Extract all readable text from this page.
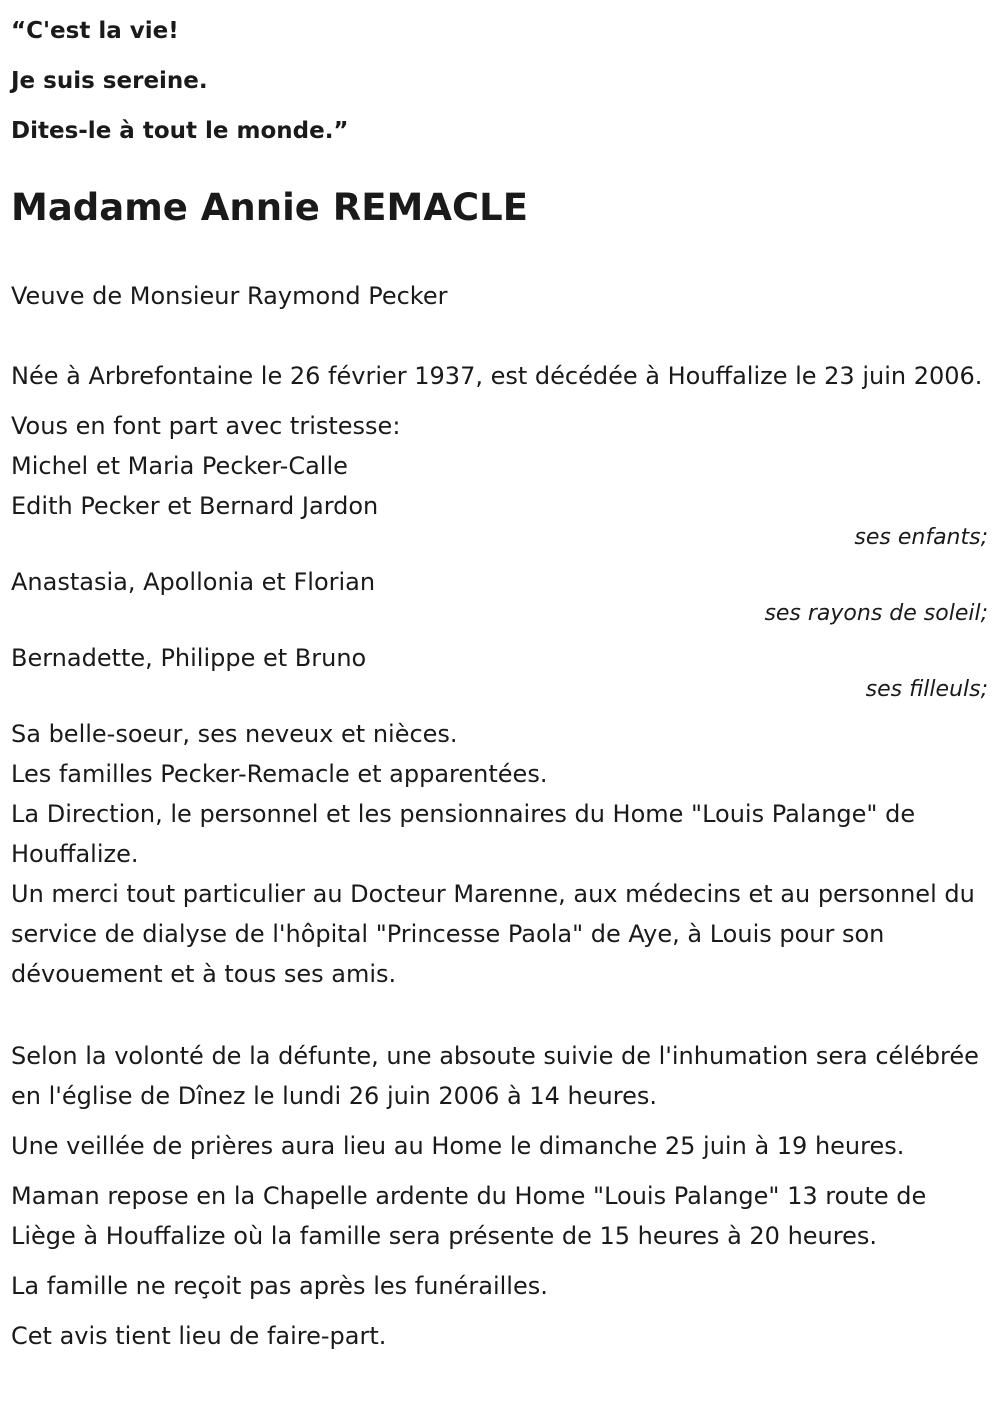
“C'est la vie!

Je suis sereine.

Dites-le à tout le monde.”

Madame Annie REMACLE

Veuve de Monsieur Raymond Pecker

Née à Arbrefontaine le 26 février 1937, est décédée à Houffalize le 23 juin 2006.

Vous en font part avec tristesse:

Michel et Maria Pecker-Calle

Edith Pecker et Bernard Jardon

ses enfants;

Anastasia, Apollonia et Florian

ses rayons de soleil;

Bernadette, Philippe et Bruno

ses filleuls;

Sa belle-soeur, ses neveux et nièces.

Les familles Pecker-Remacle et apparentées.

La Direction, le personnel et les pensionnaires du Home "Louis Palange" de Houffalize.

Un merci tout particulier au Docteur Marenne, aux médecins et au personnel du service de dialyse de l'hôpital "Princesse Paola" de Aye, à Louis pour son dévouement et à tous ses amis.

Selon la volonté de la défunte, une absoute suivie de l'inhumation sera célébrée en l'église de Dînez le lundi 26 juin 2006 à 14 heures.

Une veillée de prières aura lieu au Home le dimanche 25 juin à 19 heures.

Maman repose en la Chapelle ardente du Home "Louis Palange" 13 route de Liège à Houffalize où la famille sera présente de 15 heures à 20 heures.

La famille ne reçoit pas après les funérailles.

Cet avis tient lieu de faire-part.
